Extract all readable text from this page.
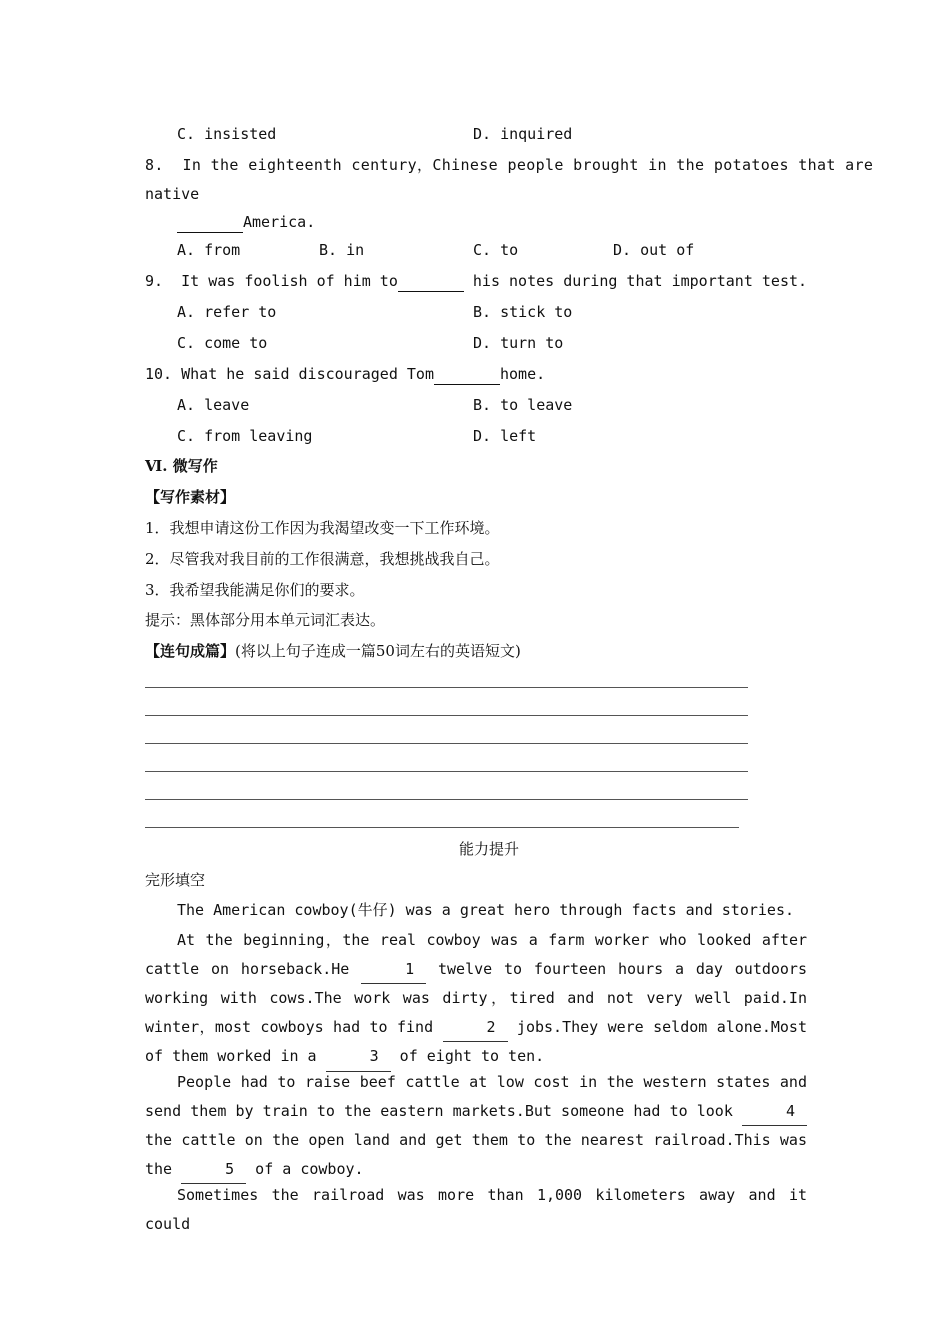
C. insisted	D. inquired
8.  In the eighteenth century，Chinese people brought in the potatoes that are
native
America.
A. from	B. in	C. to	D. out of
9.  It was foolish of him to	his notes during that important test.
A. refer to	B. stick to
C. come to	D. turn to
10. What he said discouraged Tom	home.
A. leave	B. to leave
C. from leaving	D. left
Ⅵ. 微写作
【写作素材】
1．我想申请这份工作因为我渴望改变一下工作环境。
2．尽管我对我目前的工作很满意，我想挑战我自己。
3．我希望我能满足你们的要求。
提示：黑体部分用本单元词汇表达。
【连句成篇】(将以上句子连成一篇50词左右的英语短文)
能力提升
完形填空
The American cowboy(牛仔) was a great hero through facts and stories.
At the beginning，the real cowboy was a farm worker who looked after cattle on horseback.He	1 twelve to fourteen hours a day outdoors working with cows.The work was dirty，tired and not very well paid.In winter，most cowboys had to find	2 jobs.They were seldom alone.Most of them worked in a	3 of eight to ten.
People had to raise beef cattle at low cost in the western states and send them by train to the eastern markets.But someone had to look	4 the cattle on the open land and get them to the nearest railroad.This was the	5 of a cowboy.
Sometimes the railroad was more than 1,000 kilometers away and it could
